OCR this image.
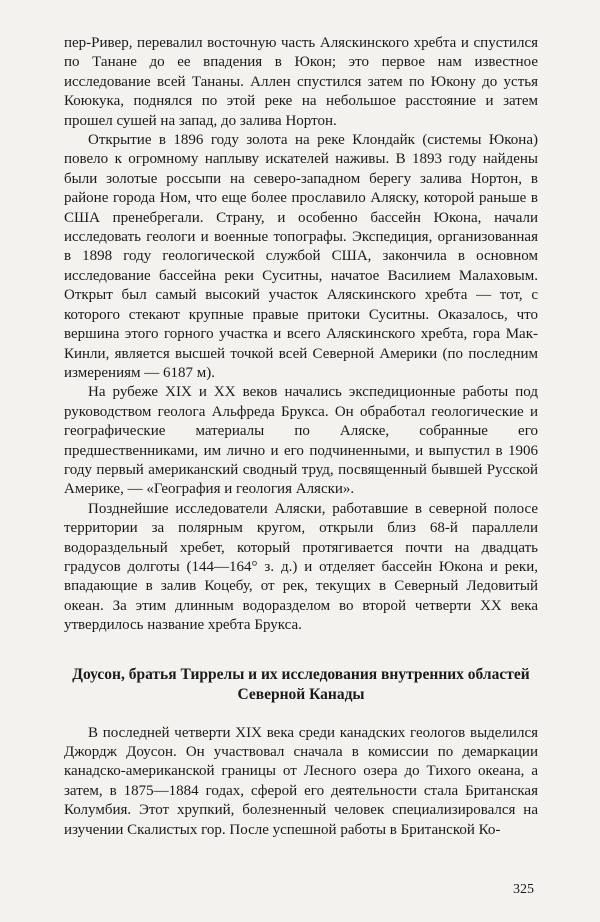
пер-Ривер, перевалил восточную часть Аляскинского хребта и спустился по Танане до ее впадения в Юкон; это первое нам известное исследование всей Тананы. Аллен спустился затем по Юкону до устья Коюкука, поднялся по этой реке на небольшое расстояние и затем прошел сушей на запад, до залива Нортон.

Открытие в 1896 году золота на реке Клондайк (системы Юкона) повело к огромному наплыву искателей наживы. В 1893 году найдены были золотые россыпи на северо-западном берегу залива Нортон, в районе города Ном, что еще более прославило Аляску, которой раньше в США пренебрегали. Страну, и особенно бассейн Юкона, начали исследовать геологи и военные топографы. Экспедиция, организованная в 1898 году геологической службой США, закончила в основном исследование бассейна реки Суситны, начатое Василием Малаховым. Открыт был самый высокий участок Аляскинского хребта — тот, с которого стекают крупные правые притоки Суситны. Оказалось, что вершина этого горного участка и всего Аляскинского хребта, гора Мак-Кинли, является высшей точкой всей Северной Америки (по последним измерениям — 6187 м).

На рубеже XIX и XX веков начались экспедиционные работы под руководством геолога Альфреда Брукса. Он обработал геологические и географические материалы по Аляске, собранные его предшественниками, им лично и его подчиненными, и выпустил в 1906 году первый американский сводный труд, посвященный бывшей Русской Америке, — «География и геология Аляски».

Позднейшие исследователи Аляски, работавшие в северной полосе территории за полярным кругом, открыли близ 68-й параллели водораздельный хребет, который протягивается почти на двадцать градусов долготы (144—164° з. д.) и отделяет бассейн Юкона и реки, впадающие в залив Коцебу, от рек, текущих в Северный Ледовитый океан. За этим длинным водоразделом во второй четверти XX века утвердилось название хребта Брукса.

Доусон, братья Тиррелы и их исследования внутренних областей Северной Канады

В последней четверти XIX века среди канадских геологов выделился Джордж Доусон. Он участвовал сначала в комиссии по демаркации канадско-американской границы от Лесного озера до Тихого океана, а затем, в 1875—1884 годах, сферой его деятельности стала Британская Колумбия. Этот хрупкий, болезненный человек специализировался на изучении Скалистых гор. После успешной работы в Британской Ко-

325
